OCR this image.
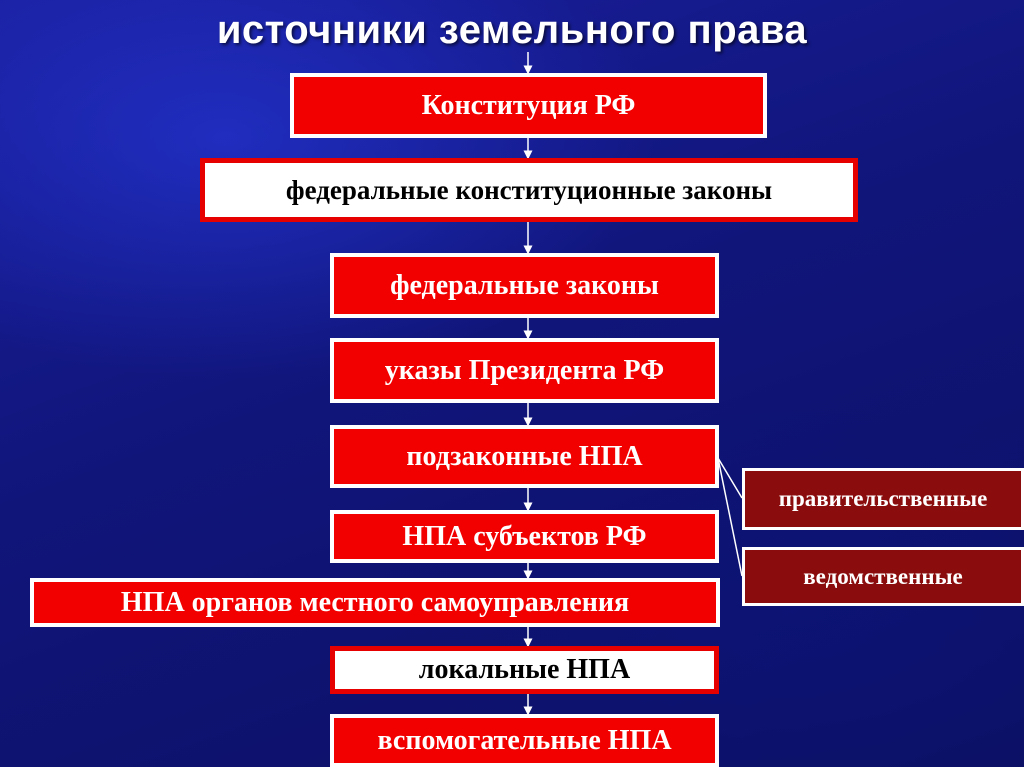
источники земельного права
Конституция РФ
федеральные конституционные законы
федеральные законы
указы Президента РФ
подзаконные НПА
НПА субъектов РФ
НПА органов местного самоуправления
локальные НПА
вспомогательные НПА
правительственные
ведомственные
